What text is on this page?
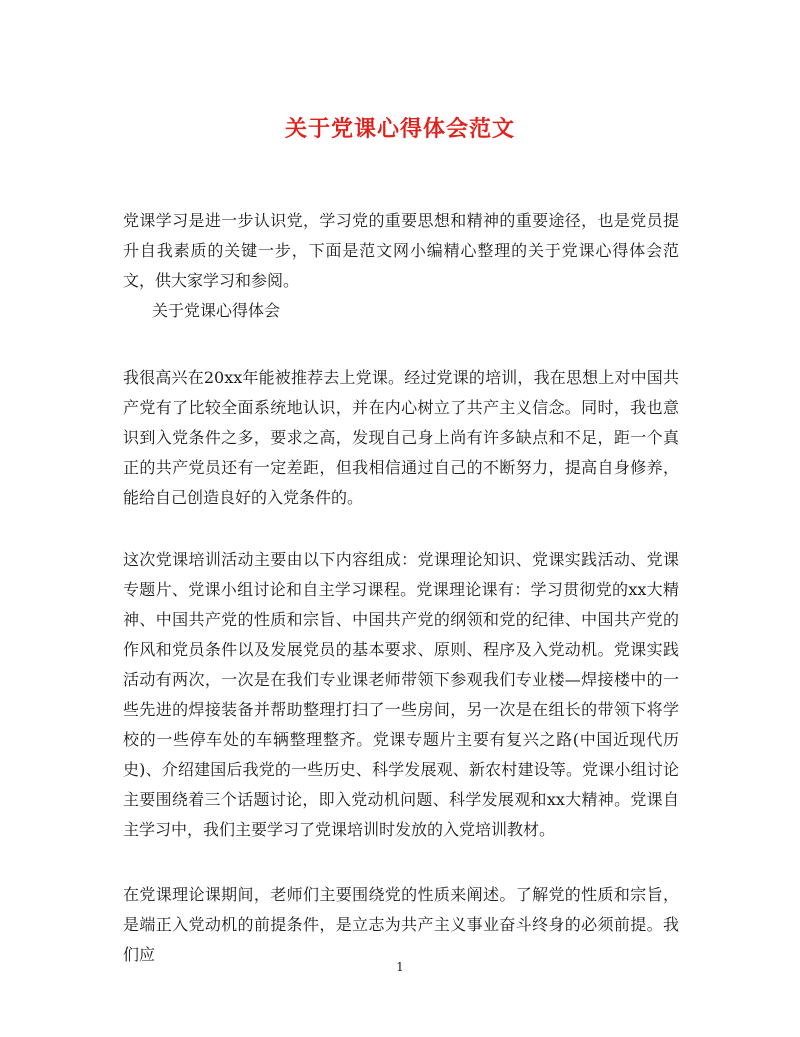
关于党课心得体会范文

党课学习是进一步认识党，学习党的重要思想和精神的重要途径，也是党员提升自我素质的关键一步，下面是范文网小编精心整理的关于党课心得体会范文，供大家学习和参阅。

关于党课心得体会

我很高兴在20xx年能被推荐去上党课。经过党课的培训，我在思想上对中国共产党有了比较全面系统地认识，并在内心树立了共产主义信念。同时，我也意识到入党条件之多，要求之高，发现自己身上尚有许多缺点和不足，距一个真正的共产党员还有一定差距，但我相信通过自己的不断努力，提高自身修养，能给自己创造良好的入党条件的。

这次党课培训活动主要由以下内容组成：党课理论知识、党课实践活动、党课专题片、党课小组讨论和自主学习课程。党课理论课有：学习贯彻党的xx大精神、中国共产党的性质和宗旨、中国共产党的纲领和党的纪律、中国共产党的作风和党员条件以及发展党员的基本要求、原则、程序及入党动机。党课实践活动有两次，一次是在我们专业课老师带领下参观我们专业楼—焊接楼中的一些先进的焊接装备并帮助整理打扫了一些房间，另一次是在组长的带领下将学校的一些停车处的车辆整理整齐。党课专题片主要有复兴之路(中国近现代历史)、介绍建国后我党的一些历史、科学发展观、新农村建设等。党课小组讨论主要围绕着三个话题讨论，即入党动机问题、科学发展观和xx大精神。党课自主学习中，我们主要学习了党课培训时发放的入党培训教材。

在党课理论课期间，老师们主要围绕党的性质来阐述。了解党的性质和宗旨，是端正入党动机的前提条件，是立志为共产主义事业奋斗终身的必须前提。我们应

1
